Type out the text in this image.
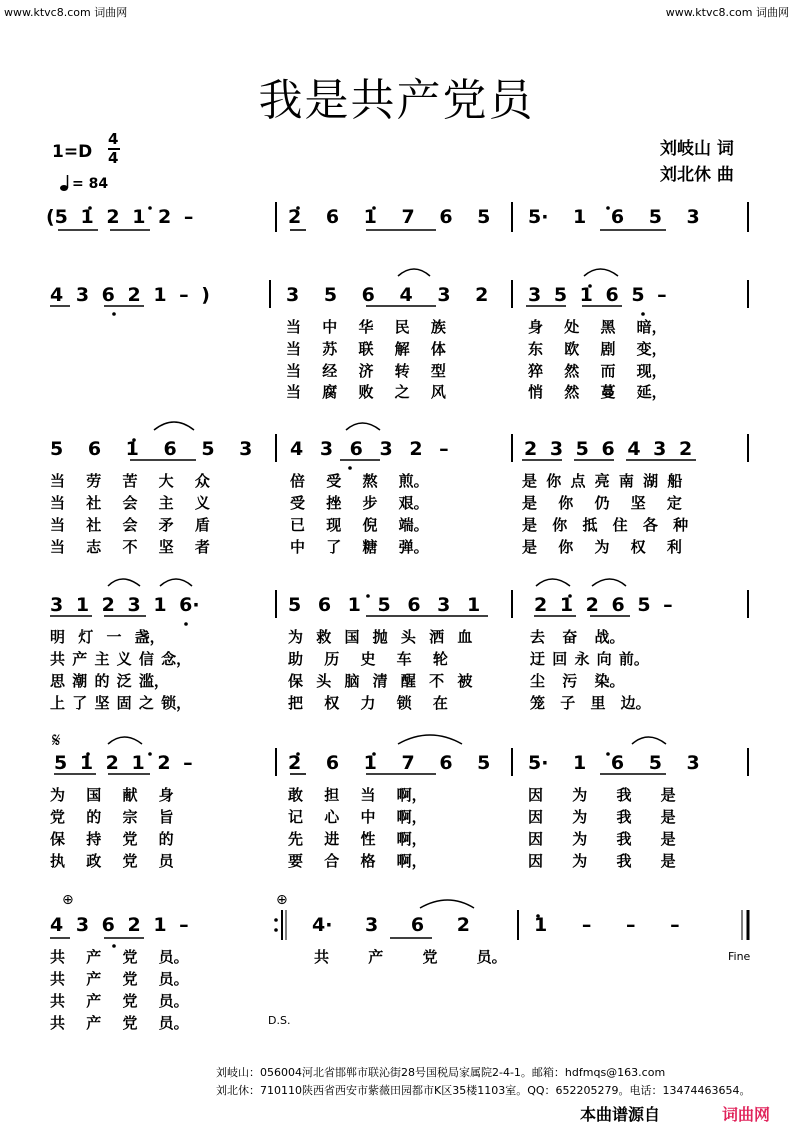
www.ktvc8.com 词曲网	www.ktvc8.com 词曲网
我是共产党员
1=D
4
4
= 84
刘岐山 词
刘北休 曲
(5 1 2 1 2 –	2 6 1 7 6 5 5· 1 6 5 3
4 3 6 2 1 – )	3 5 6 4 3 2 3 5 1 6 5 –
5 6 1 6 5 3 4 3 6 3 2 –	2 3 5 6 4 3 2
3 1 2 3 1 6·	5 6 1 5 6 3 1	2 1 2 6 5 –
5 1 2 1 2 –	2 6 1 7 6 5 5· 1 6 5 3
4 3 6 2 1 –	4· 3 6 2	1 – – –
当 中 华 民 族	身 处 黑 暗，
当 苏 联 解 体	东 欧 剧 变，
当 经 济 转 型	猝 然 而 现，
当 腐 败 之 风	悄 然 蔓 延，
当 劳 苦 大 众	倍 受 熬 煎。	是 你 点 亮 南 湖 船
当 社 会 主 义	受 挫 步 艰。	是 你 仍 坚 定
当 社 会 矛 盾	已 现 倪 端。	是 你 抵 住 各 种
当 志 不 坚 者	中 了 糖 弹。	是 你 为 权 利
明 灯 一 盏，	为 救 国 抛 头 洒 血	去 奋 战。
共 产 主 义 信 念，	助 历 史 车 轮	迂 回 永 向 前。
思 潮 的 泛 滥，	保 头 脑 清 醒 不 被	尘 污 染。
上 了 坚 固 之 锁，	把 权 力 锁 在	笼 子 里 边。
𝄋
为 国 献 身	敢 担 当 啊，	因 为 我 是
党 的 宗 旨	记 心 中 啊，	因 为 我 是
保 持 党 的	先 进 性 啊，	因 为 我 是
执 政 党 员	要 合 格 啊，	因 为 我 是
⊕	⊕
共 产 党 员。	共 产 党 员。
共 产 党 员。
共 产 党 员。
共 产 党 员。
Fine
D.S.
刘岐山：056004河北省邯郸市联沁街28号国税局家属院2-4-1。邮箱：hdfmqs@163.com
刘北休：710110陕西省西安市紫薇田园都市K区35楼1103室。QQ：652205279。电话：13474463654。
本曲谱源自	词曲网
